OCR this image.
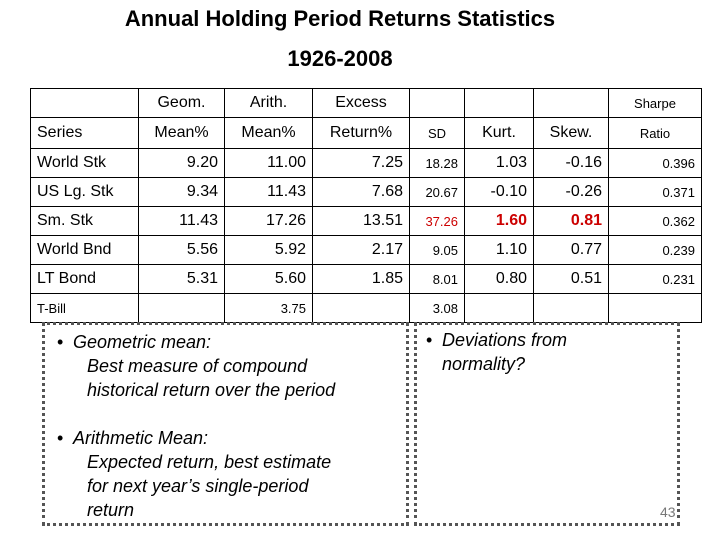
Annual Holding Period Returns Statistics
1926-2008
	Geom.	Arith.	Excess				Sharpe
Series	Mean%	Mean%	Return%	SD	Kurt.	Skew.	Ratio
World Stk	9.20	11.00	7.25	18.28	1.03	-0.16	0.396
US Lg. Stk	9.34	11.43	7.68	20.67	-0.10	-0.26	0.371
Sm. Stk	11.43	17.26	13.51	37.26	1.60	0.81	0.362
World Bnd	5.56	5.92	2.17	9.05	1.10	0.77	0.239
LT Bond	5.31	5.60	1.85	8.01	0.80	0.51	0.231
T-Bill		3.75		3.08			
• Geometric mean:
Best measure of compound
historical return over the period
• Arithmetic Mean:
Expected return, best estimate
for next year’s single-period
return
• Deviations from
normality?
43
